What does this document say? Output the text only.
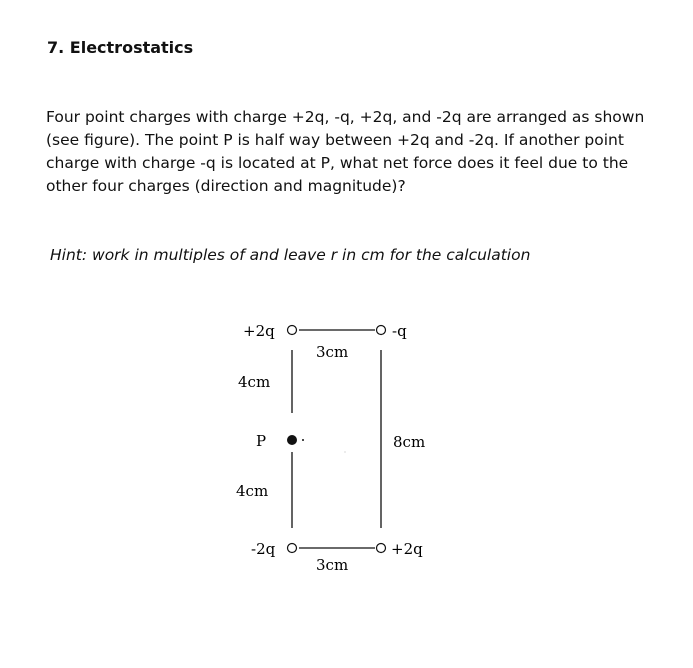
7. Electrostatics
Four point charges with charge +2q, -q, +2q, and -2q are arranged as shown (see figure). The point P is half way between +2q and -2q. If another point charge with charge -q is located at P, what net force does it feel due to the other four charges (direction and magnitude)?
Hint: work in multiples of and leave r in cm for the calculation
+2q	-q
-2q	+2q
P
3cm
3cm
4cm
4cm
8cm
